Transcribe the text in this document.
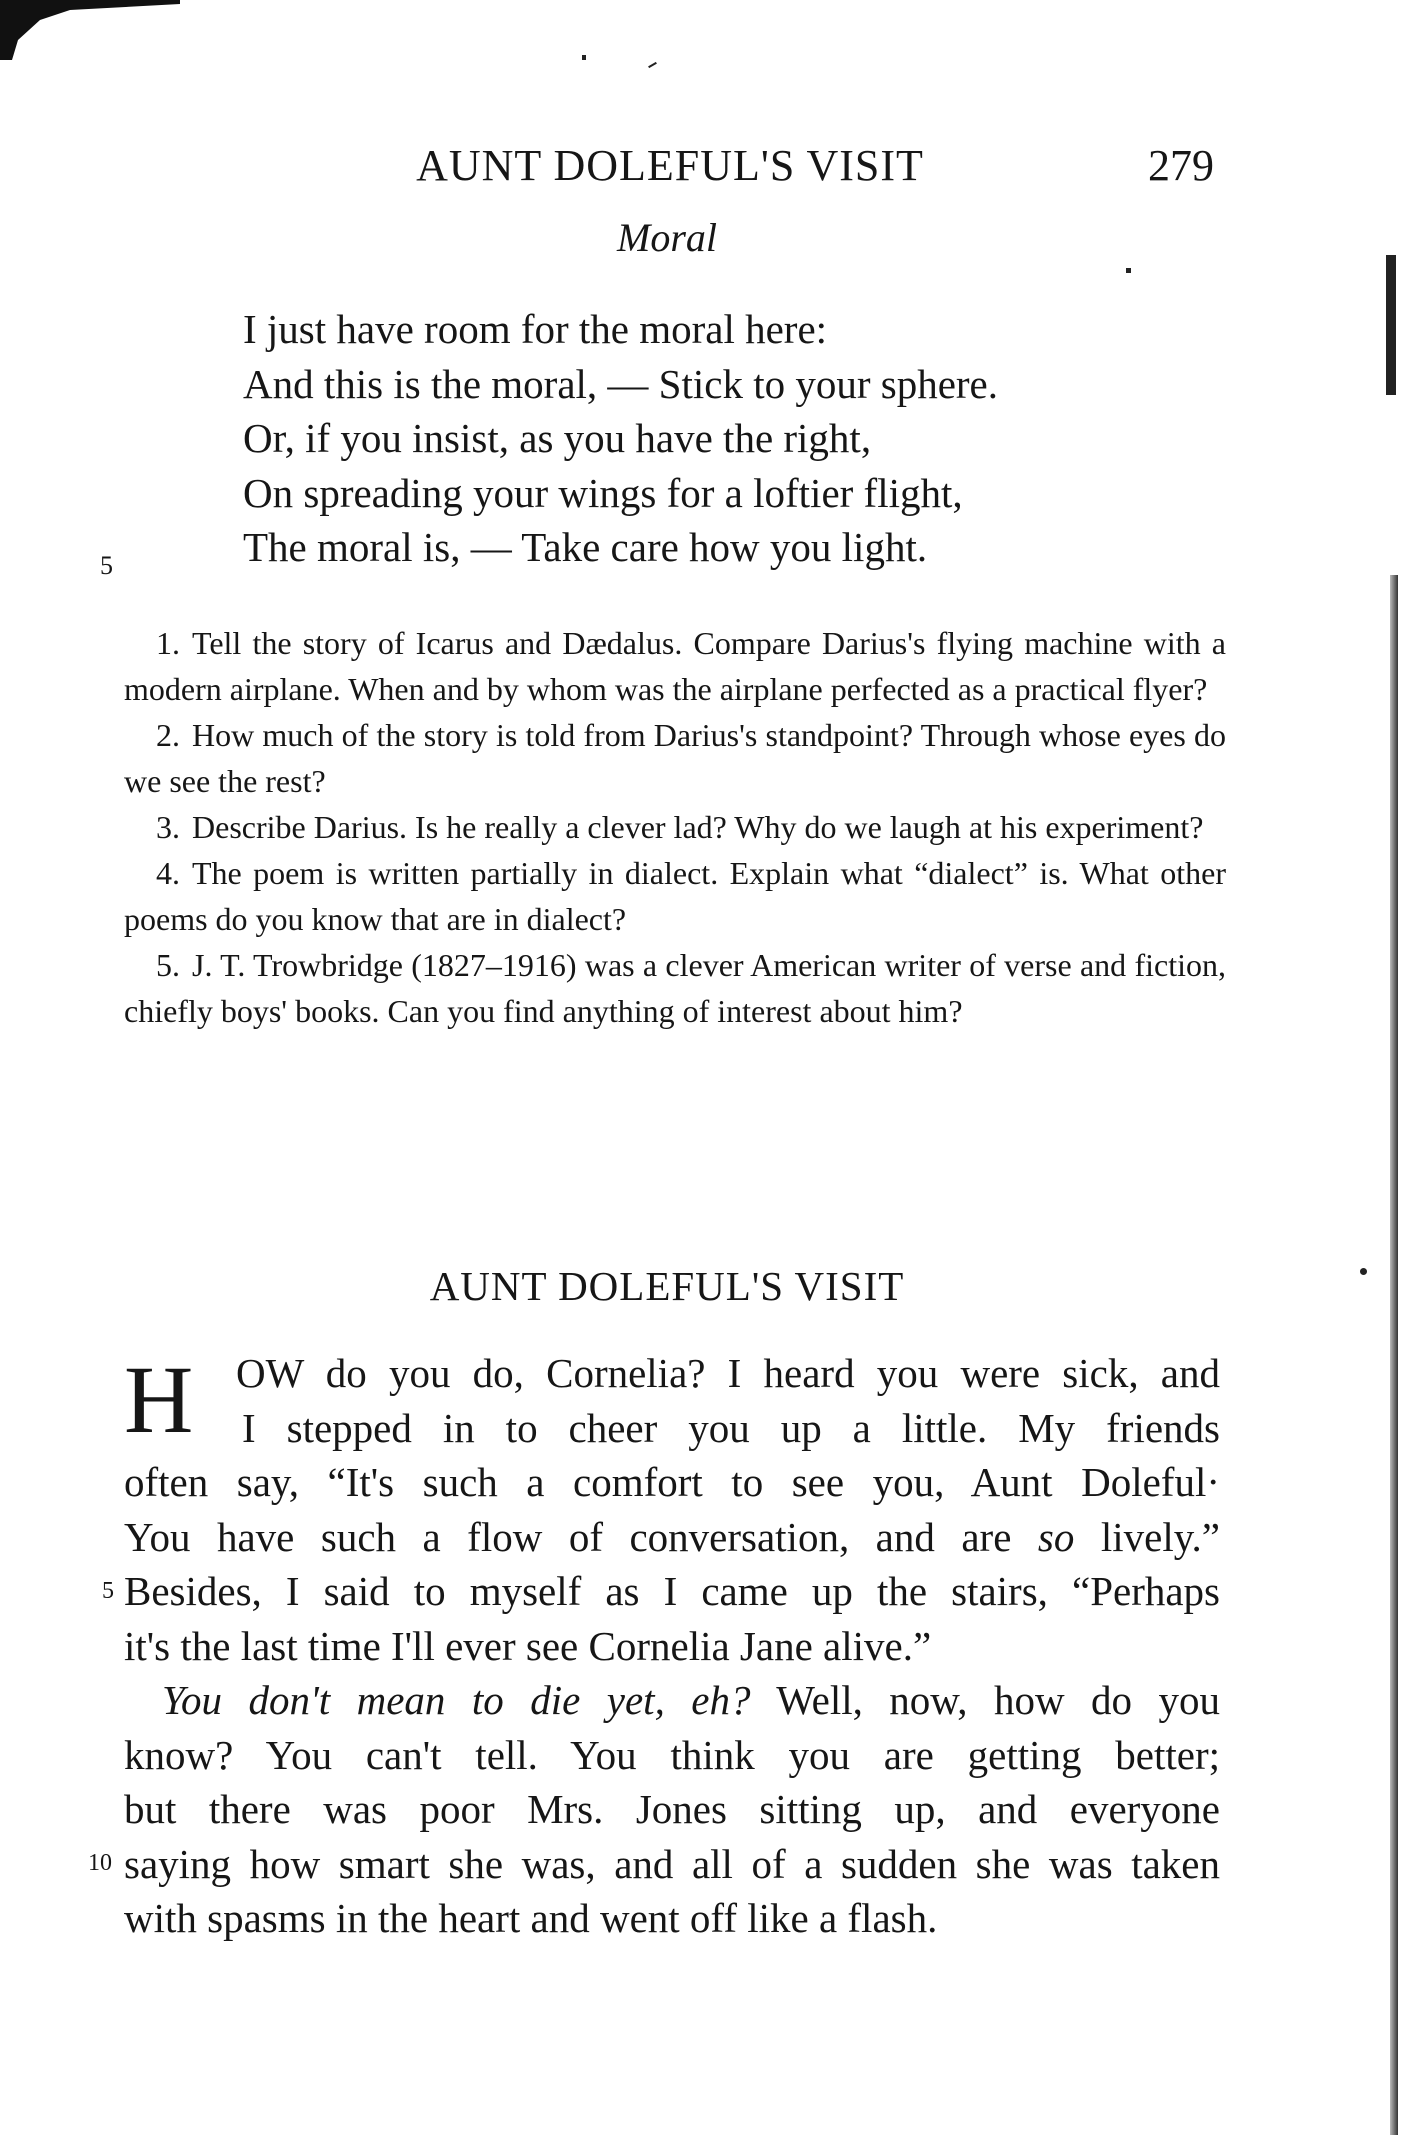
AUNT DOLEFUL'S VISIT	279
Moral
I just have room for the moral here:
And this is the moral, — Stick to your sphere.
Or, if you insist, as you have the right,
On spreading your wings for a loftier flight,
The moral is, — Take care how you light.
5

1. Tell the story of Icarus and Dædalus. Compare Darius's flying machine with a modern airplane. When and by whom was the airplane perfected as a practical flyer?

2. How much of the story is told from Darius's standpoint? Through whose eyes do we see the rest?

3. Describe Darius. Is he really a clever lad? Why do we laugh at his experiment?

4. The poem is written partially in dialect. Explain what “dialect” is. What other poems do you know that are in dialect?

5. J. T. Trowbridge (1827–1916) was a clever American writer of verse and fiction, chiefly boys' books. Can you find anything of interest about him?

AUNT DOLEFUL'S VISIT
H	OW do you do, Cornelia? I heard you were sick, and
I stepped in to cheer you up a little. My friends
often say, “It's such a comfort to see you, Aunt Doleful·
You have such a flow of conversation, and are so lively.”
Besides, I said to myself as I came up the stairs, “Perhaps
it's the last time I'll ever see Cornelia Jane alive.”
You don't mean to die yet, eh? Well, now, how do you
know? You can't tell. You think you are getting better;
but there was poor Mrs. Jones sitting up, and everyone
saying how smart she was, and all of a sudden she was taken
with spasms in the heart and went off like a flash.
5
10
